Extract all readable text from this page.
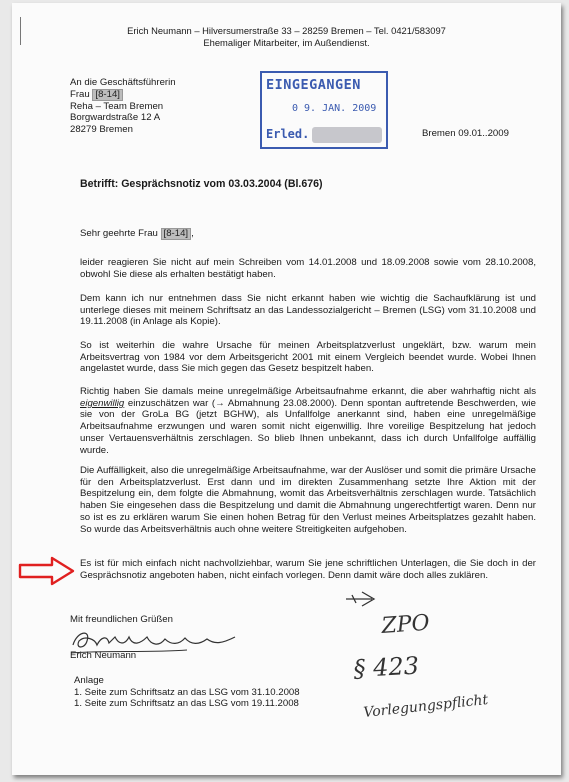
Erich Neumann – Hilversumerstraße 33 – 28259 Bremen – Tel. 0421/583097
Ehemaliger Mitarbeiter, im Außendienst.
An die Geschäftsführerin
Frau [8-14]
Reha – Team Bremen
Borgwardstraße 12 A
28279 Bremen
EINGEGANGEN
0 9. JAN. 2009
Erled.	Bremen 09.01..2009
Betrifft: Gesprächsnotiz vom 03.03.2004 (Bl.676)
Sehr geehrte Frau [8-14] ,
leider reagieren Sie nicht auf mein Schreiben vom 14.01.2008 und 18.09.2008 sowie vom 28.10.2008, obwohl Sie diese als erhalten bestätigt haben.
Dem kann ich nur entnehmen dass Sie nicht erkannt haben wie wichtig die Sachaufklärung ist und unterlege dieses mit meinem Schriftsatz an das Landessozialgericht – Bremen (LSG) vom 31.10.2008 und 19.11.2008 (in Anlage als Kopie).
So ist weiterhin die wahre Ursache für meinen Arbeitsplatzverlust ungeklärt, bzw. warum mein Arbeitsvertrag von 1984 vor dem Arbeitsgericht 2001 mit einem Vergleich beendet wurde. Wobei Ihnen angelastet wurde, dass Sie mich gegen das Gesetz bespitzelt haben.
Richtig haben Sie damals meine unregelmäßige Arbeitsaufnahme erkannt, die aber wahrhaftig nicht als eigenwillig einzuschätzen war (→ Abmahnung 23.08.2000). Denn spontan auftretende Beschwerden, wie sie von der GroLa BG (jetzt BGHW), als Unfallfolge anerkannt sind, haben eine unregelmäßige Arbeitsaufnahme erzwungen und waren somit nicht eigenwillig. Ihre voreilige Bespitzelung hat jedoch unser Vertauensverhältnis zerschlagen. So blieb Ihnen unbekannt, dass ich durch Unfallfolge auffällig wurde.
Die Auffälligkeit, also die unregelmäßige Arbeitsaufnahme, war der Auslöser und somit die primäre Ursache für den Arbeitsplatzverlust. Erst dann und im direkten Zusammenhang setzte Ihre Aktion mit der Bespitzelung ein, dem folgte die Abmahnung, womit das Arbeitsverhältnis zerschlagen wurde. Tatsächlich haben Sie eingesehen dass die Bespitzelung und damit die Abmahnung ungerechtfertigt waren. Denn nur so ist es zu erklären warum Sie einen hohen Betrag für den Verlust meines Arbeitsplatzes gezahlt haben. So wurde das Arbeitsverhältnis auch ohne weitere Streitigkeiten aufgehoben.
Es ist für mich einfach nicht nachvollziehbar, warum Sie jene schriftlichen Unterlagen, die Sie doch in der Gesprächsnotiz angeboten haben, nicht einfach vorlegen. Denn damit wäre doch alles zuklären.
Mit freundlichen Grüßen
Erich Neumann
Anlage
1. Seite zum Schriftsatz an das LSG vom 31.10.2008
1. Seite zum Schriftsatz an das LSG vom 19.11.2008
ZPO
§ 423
Vorlegungspflicht
